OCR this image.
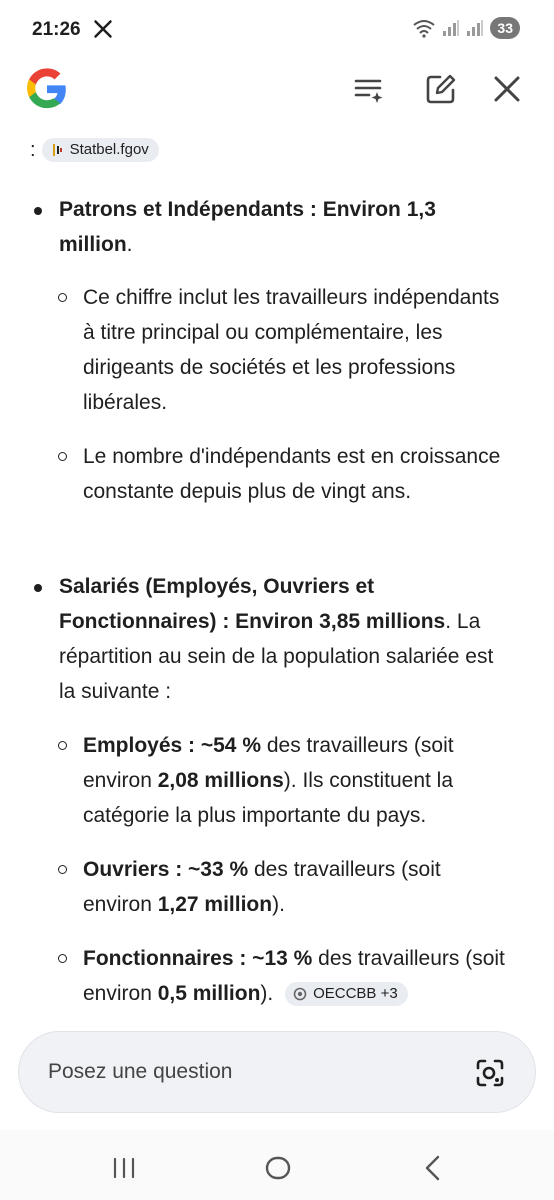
21:26	33
: Statbel.fgov
Patrons et Indépendants : Environ 1,3 million.
Ce chiffre inclut les travailleurs indépendants à titre principal ou complémentaire, les dirigeants de sociétés et les professions libérales.
Le nombre d'indépendants est en croissance constante depuis plus de vingt ans.
Salariés (Employés, Ouvriers et Fonctionnaires) : Environ 3,85 millions. La répartition au sein de la population salariée est la suivante :
Employés : ~54 % des travailleurs (soit environ 2,08 millions). Ils constituent la catégorie la plus importante du pays.
Ouvriers : ~33 % des travailleurs (soit environ 1,27 million).
Fonctionnaires : ~13 % des travailleurs (soit environ 0,5 million).	OECCBB +3
Posez une question
